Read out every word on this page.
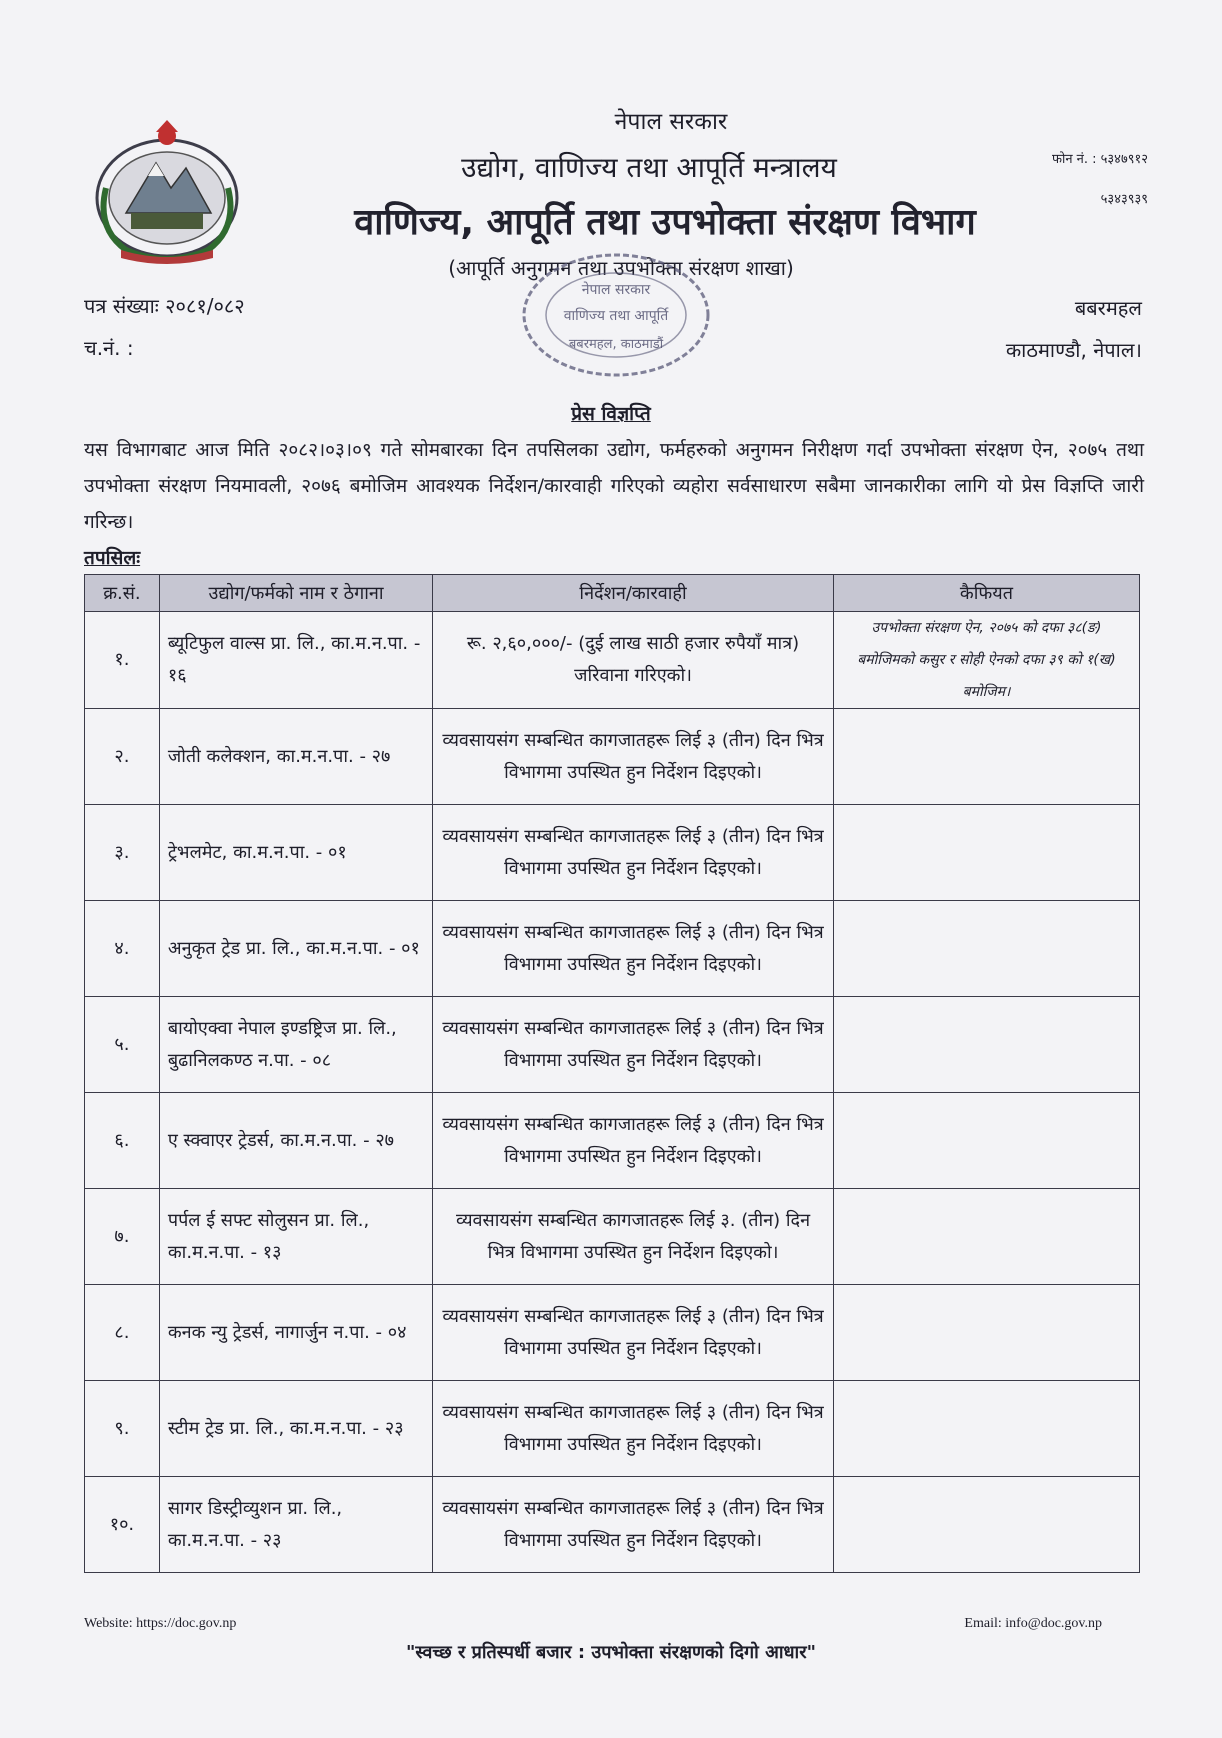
नेपाल सरकार
उद्योग, वाणिज्य तथा आपूर्ति मन्त्रालय
वाणिज्य, आपूर्ति तथा उपभोक्ता संरक्षण विभाग
(आपूर्ति अनुगमन तथा उपभोक्ता संरक्षण शाखा)
फोन नं. : ५३४७९१२
५३४३९३९
पत्र संख्याः २०८१/०८२
च.नं. :
बबरमहल
काठमाण्डौ, नेपाल।
नेपाल सरकार
वाणिज्य तथा आपूर्ति
बबरमहल, काठमाडौं
प्रेस विज्ञप्ति
यस विभागबाट आज मिति २०८२।०३।०९ गते सोमबारका दिन तपसिलका उद्योग, फर्महरुको अनुगमन निरीक्षण गर्दा उपभोक्ता संरक्षण ऐन, २०७५ तथा उपभोक्ता संरक्षण नियमावली, २०७६ बमोजिम आवश्यक निर्देशन/कारवाही गरिएको व्यहोरा सर्वसाधारण सबैमा जानकारीका लागि यो प्रेस विज्ञप्ति जारी गरिन्छ।
तपसिलः
क्र.सं.	उद्योग/फर्मको नाम र ठेगाना	निर्देशन/कारवाही	कैफियत
१.	ब्यूटिफुल वाल्स प्रा. लि., का.म.न.पा. - १६	रू. २,६०,०००/- (दुई लाख साठी हजार रुपैयाँ मात्र) जरिवाना गरिएको।	उपभोक्ता संरक्षण ऐन, २०७५ को दफा ३८(ङ) बमोजिमको कसुर र सोही ऐनको दफा ३९ को १(ख) बमोजिम।
२.	जोती कलेक्शन, का.म.न.पा. - २७	व्यवसायसंग सम्बन्धित कागजातहरू लिई ३ (तीन) दिन भित्र विभागमा उपस्थित हुन निर्देशन दिइएको।	
३.	ट्रेभलमेट, का.म.न.पा. - ०१	व्यवसायसंग सम्बन्धित कागजातहरू लिई ३ (तीन) दिन भित्र विभागमा उपस्थित हुन निर्देशन दिइएको।	
४.	अनुकृत ट्रेड प्रा. लि., का.म.न.पा. - ०१	व्यवसायसंग सम्बन्धित कागजातहरू लिई ३ (तीन) दिन भित्र विभागमा उपस्थित हुन निर्देशन दिइएको।	
५.	बायोएक्वा नेपाल इण्डष्ट्रिज प्रा. लि., बुढानिलकण्ठ न.पा. - ०८	व्यवसायसंग सम्बन्धित कागजातहरू लिई ३ (तीन) दिन भित्र विभागमा उपस्थित हुन निर्देशन दिइएको।	
६.	ए स्क्वाएर ट्रेडर्स, का.म.न.पा. - २७	व्यवसायसंग सम्बन्धित कागजातहरू लिई ३ (तीन) दिन भित्र विभागमा उपस्थित हुन निर्देशन दिइएको।	
७.	पर्पल ई सफ्ट सोलुसन प्रा. लि., का.म.न.पा. - १३	व्यवसायसंग सम्बन्धित कागजातहरू लिई ३. (तीन) दिन भित्र विभागमा उपस्थित हुन निर्देशन दिइएको।	
८.	कनक न्यु ट्रेडर्स, नागार्जुन न.पा. - ०४	व्यवसायसंग सम्बन्धित कागजातहरू लिई ३ (तीन) दिन भित्र विभागमा उपस्थित हुन निर्देशन दिइएको।	
९.	स्टीम ट्रेड प्रा. लि., का.म.न.पा. - २३	व्यवसायसंग सम्बन्धित कागजातहरू लिई ३ (तीन) दिन भित्र विभागमा उपस्थित हुन निर्देशन दिइएको।	
१०.	सागर डिस्ट्रीव्युशन प्रा. लि., का.म.न.पा. - २३	व्यवसायसंग सम्बन्धित कागजातहरू लिई ३ (तीन) दिन भित्र विभागमा उपस्थित हुन निर्देशन दिइएको।	
Website: https://doc.gov.np	Email: info@doc.gov.np
"स्वच्छ र प्रतिस्पर्धी बजार : उपभोक्ता संरक्षणको दिगो आधार"
